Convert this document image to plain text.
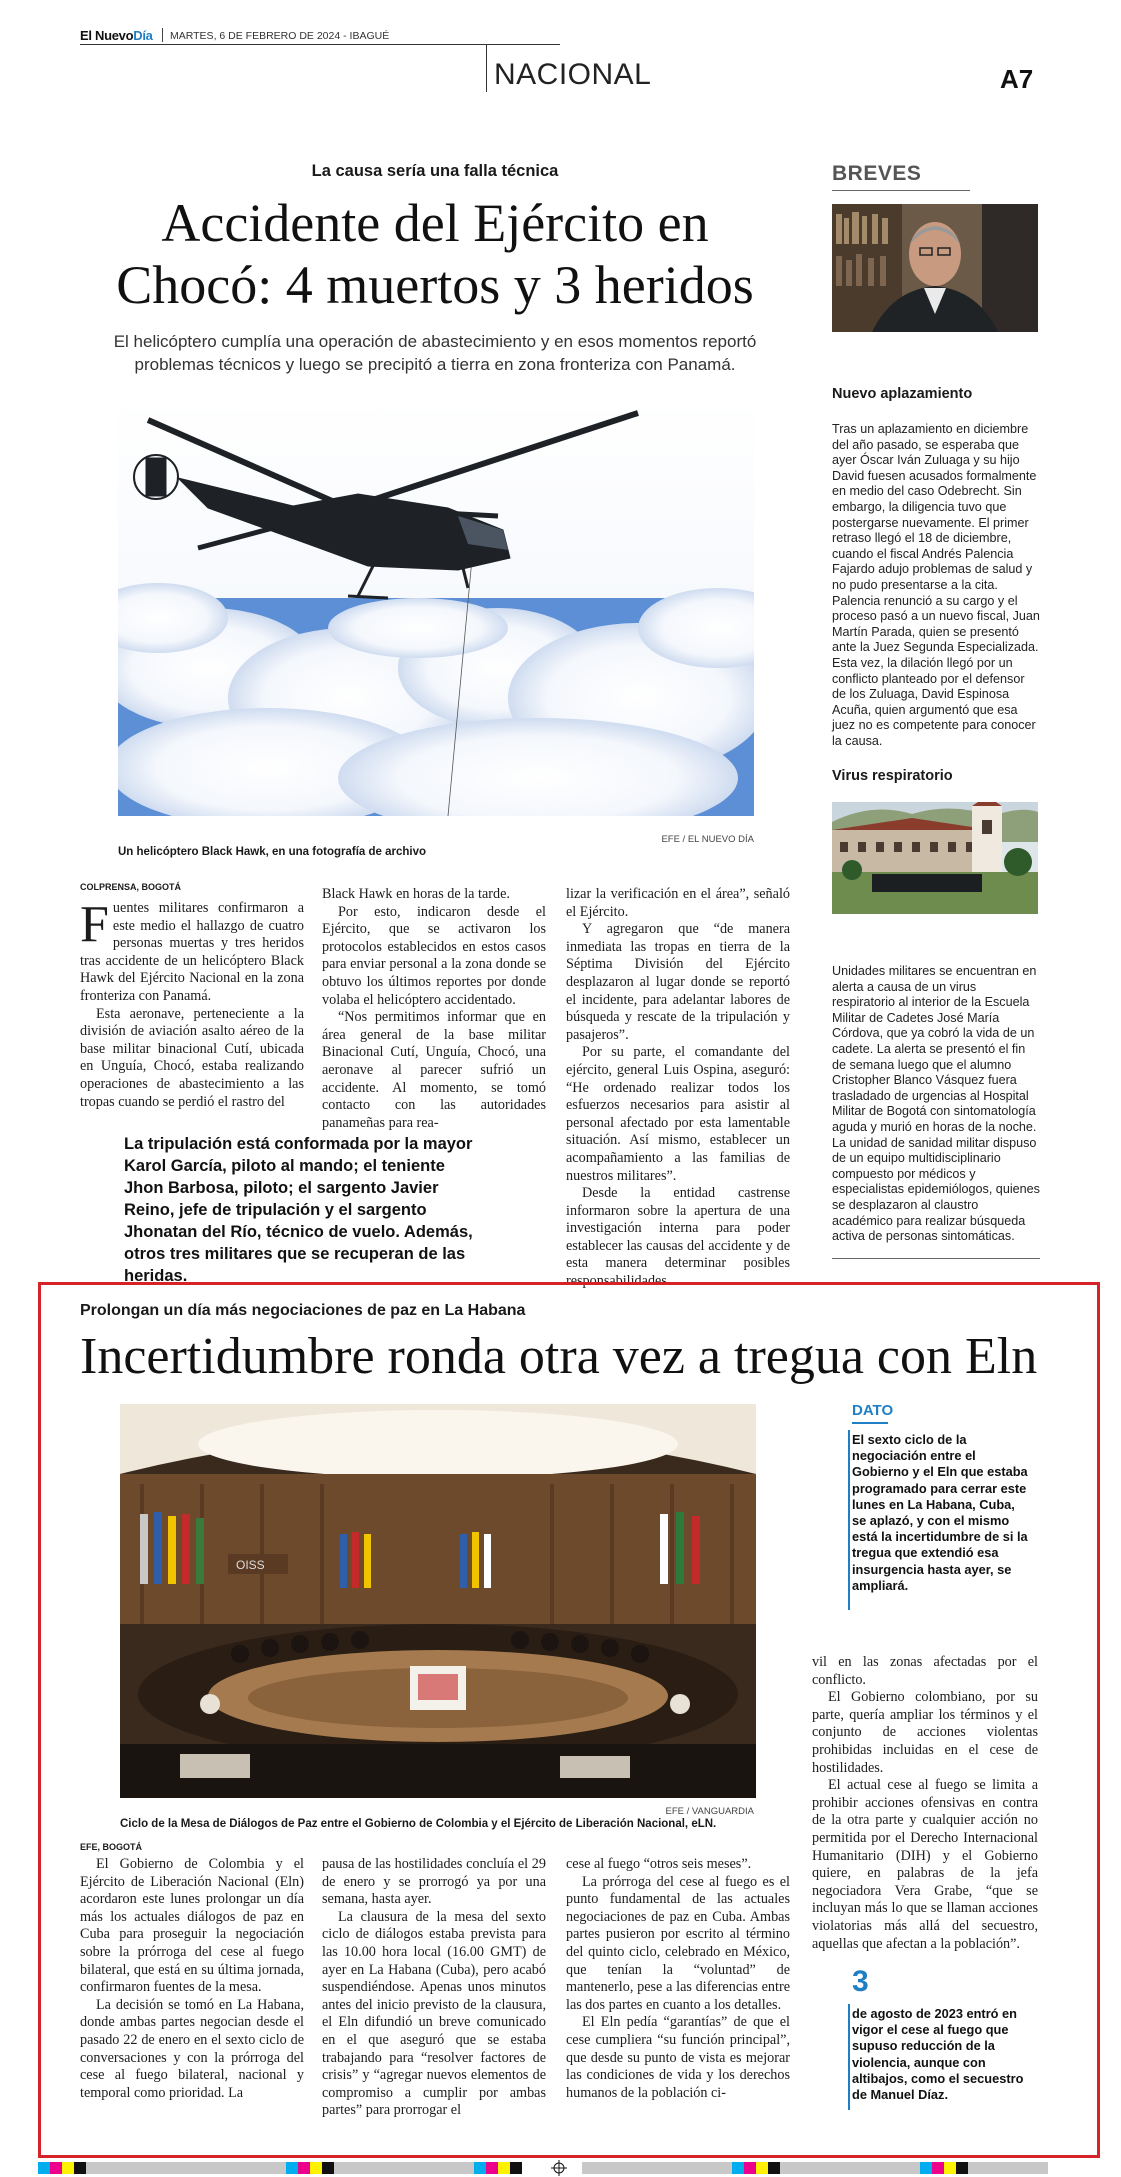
El NuevoDía MARTES, 6 DE FEBRERO DE 2024 - IBAGUÉ
NACIONAL	A7
La causa sería una falla técnica
Accidente del Ejército en
Chocó: 4 muertos y 3 heridos
El helicóptero cumplía una operación de abastecimiento y en esos momentos reportó
problemas técnicos y luego se precipitó a tierra en zona fronteriza con Panamá.
Un helicóptero Black Hawk, en una fotografía de archivo
EFE / EL NUEVO DÍA
COLPRENSA, BOGOTÁ

Fuentes militares confirmaron a este medio el hallazgo de cuatro personas muertas y tres heridos tras accidente de un helicóptero Black Hawk del Ejército Nacional en la zona fronteriza con Panamá.

Esta aeronave, perteneciente a la división de aviación asalto aéreo de la base militar binacional Cutí, ubicada en Unguía, Chocó, estaba realizando operaciones de abastecimiento a las tropas cuando se perdió el rastro del

Black Hawk en horas de la tarde.

Por esto, indicaron desde el Ejército, que se activaron los protocolos establecidos en estos casos para enviar personal a la zona donde se obtuvo los últimos reportes por donde volaba el helicóptero accidentado.

“Nos permitimos informar que en área general de la base militar Binacional Cutí, Unguía, Chocó, una aeronave al parecer sufrió un accidente. Al momento, se tomó contacto con las autoridades panameñas para rea-

lizar la verificación en el área”, señaló el Ejército.

Y agregaron que “de manera inmediata las tropas en tierra de la Séptima División del Ejército desplazaron al lugar donde se reportó el incidente, para adelantar labores de búsqueda y rescate de la tripulación y pasajeros”.

Por su parte, el comandante del ejército, general Luis Ospina, aseguró: “He ordenado realizar todos los esfuerzos necesarios para asistir al personal afectado por esta lamentable situación. Así mismo, establecer un acompañamiento a las familias de nuestros militares”.

Desde la entidad castrense informaron sobre la apertura de una investigación interna para poder establecer las causas del accidente y de esta manera determinar posibles responsabilidades.

La tripulación está conformada por la mayor Karol García, piloto al mando; el teniente Jhon Barbosa, piloto; el sargento Javier Reino, jefe de tripulación y el sargento Jhonatan del Río, técnico de vuelo. Además, otros tres militares que se recuperan de las heridas.
BREVES
Nuevo aplazamiento

Tras un aplazamiento en diciembre del año pasado, se esperaba que ayer Óscar Iván Zuluaga y su hijo David fuesen acusados formalmente en medio del caso Odebrecht. Sin embargo, la diligencia tuvo que postergarse nuevamente. El primer retraso llegó el 18 de diciembre, cuando el fiscal Andrés Palencia Fajardo adujo problemas de salud y no pudo presentarse a la cita. Palencia renunció a su cargo y el proceso pasó a un nuevo fiscal, Juan Martín Parada, quien se presentó ante la Juez Segunda Especializada.

Esta vez, la dilación llegó por un conflicto planteado por el defensor de los Zuluaga, David Espinosa Acuña, quien argumentó que esa juez no es competente para conocer la causa.

Virus respiratorio

Unidades militares se encuentran en alerta a causa de un virus respiratorio al interior de la Escuela Militar de Cadetes José María Córdova, que ya cobró la vida de un cadete. La alerta se presentó el fin de semana luego que el alumno Cristopher Blanco Vásquez fuera trasladado de urgencias al Hospital Militar de Bogotá con sintomatología aguda y murió en horas de la noche. La unidad de sanidad militar dispuso de un equipo multidisciplinario compuesto por médicos y especialistas epidemiólogos, quienes se desplazaron al claustro académico para realizar búsqueda activa de personas sintomáticas.

Prolongan un día más negociaciones de paz en La Habana
Incertidumbre ronda otra vez a tregua con Eln
OISS
EFE / VANGUARDIA
Ciclo de la Mesa de Diálogos de Paz entre el Gobierno de Colombia y el Ejército de Liberación Nacional, eLN.
DATO
El sexto ciclo de la negociación entre el Gobierno y el Eln que estaba programado para cerrar este lunes en La Habana, Cuba, se aplazó, y con el mismo está la incertidumbre de si la tregua que extendió esa insurgencia hasta ayer, se ampliará.
EFE, BOGOTÁ

El Gobierno de Colombia y el Ejército de Liberación Nacional (Eln) acordaron este lunes prolongar un día más los actuales diálogos de paz en Cuba para proseguir la negociación sobre la prórroga del cese al fuego bilateral, que está en su última jornada, confirmaron fuentes de la mesa.

La decisión se tomó en La Habana, donde ambas partes negocian desde el pasado 22 de enero en el sexto ciclo de conversaciones y con la prórroga del cese al fuego bilateral, nacional y temporal como prioridad. La

pausa de las hostilidades concluía el 29 de enero y se prorrogó ya por una semana, hasta ayer.

La clausura de la mesa del sexto ciclo de diálogos estaba prevista para las 10.00 hora local (16.00 GMT) de ayer en La Habana (Cuba), pero acabó suspendiéndose. Apenas unos minutos antes del inicio previsto de la clausura, el Eln difundió un breve comunicado en el que aseguró que se estaba trabajando para “resolver factores de crisis” y “agregar nuevos elementos de compromiso a cumplir por ambas partes” para prorrogar el

cese al fuego “otros seis meses”.

La prórroga del cese al fuego es el punto fundamental de las actuales negociaciones de paz en Cuba. Ambas partes pusieron por escrito al término del quinto ciclo, celebrado en México, que tenían la “voluntad” de mantenerlo, pese a las diferencias entre las dos partes en cuanto a los detalles.

El Eln pedía “garantías” de que el cese cumpliera “su función principal”, que desde su punto de vista es mejorar las condiciones de vida y los derechos humanos de la población ci-

vil en las zonas afectadas por el conflicto.

El Gobierno colombiano, por su parte, quería ampliar los términos y el conjunto de acciones violentas prohibidas incluidas en el cese de hostilidades.

El actual cese al fuego se limita a prohibir acciones ofensivas en contra de la otra parte y cualquier acción no permitida por el Derecho Internacional Humanitario (DIH) y el Gobierno quiere, en palabras de la jefa negociadora Vera Grabe, “que se incluyan más lo que se llaman acciones violatorias más allá del secuestro, aquellas que afectan a la población”.

3
de agosto de 2023 entró en vigor el cese al fuego que supuso reducción de la violencia, aunque con altibajos, como el secuestro de Manuel Díaz.
